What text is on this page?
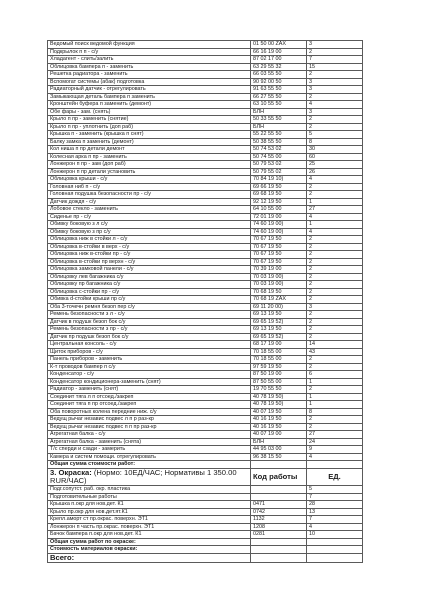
Ведомый поиск ведомой функция	01 50 00 ZAX	3
Подкрылок п п - с/у	66 16 19 00	2
Хладагент - слить/залить	87 02 17 00	7
Облицовка бампера п - заменить	63 29 55 32	15
Решетка радиатора - заменить	66 03 55 50	2
Вспомогат системы (абак) подготовка	90 92 00 50	3
Радиаторный датчик - отрегулировать	91 63 55 50	3
Замыкающая деталь бампера п заменить	66 27 55 50	2
Кронштейн буфера п заменить (демонт)	63 10 55 50	4
Обе фары - зам. (снять)	БЛН	3
Крыло п пр - заменить (снятие)	50 33 55 50	2
Крыло п пр - уплотнить (доп раб)	БЛН	2
Крышка п - заменить (крышка п снят)	55 22 55 50	5
Балку замка п заменить (демонт)	50 38 55 50	8
Кол ниша п пр детали демонт	50 74 53 02	30
Колесная арка п пр - заменить	50 74 55 00	60
Лонжерон п пр - зам (доп раб)	50 79 53 02	25
Лонжерон п пр детали установить	50 79 55 02	26
Облицовка крыши - с/у	70 84 19 10)	4
Головная ниб п - с/у	69 66 19 50	2
Головная подушка безопасности пр - с/у	69 68 19 50	2
Датчик дождя - с/у	92 12 19 50	1
Лобовое стекло - заменить	64 10 55 00	27
Сиденье пр - с/у	72 01 19 00	4
Обивку боковую з л с/у	74 60 19 00)	1
Обивку боковую з пр с/у	74 60 19 00)	4
Облицовка ниж в стойки л - с/у	70 67 19 50	2
Облицовка в-стойки в верх - с/у	70 67 19 50	2
Облицовка ниж в-стойки пр - с/у	70 67 19 50	2
Облицовка в-стойки пр верхн - с/у	70 67 19 50	2
Облицовка замковой панели - с/у	70 39 19 00	2
Облицовку лев багажника с/у	70 03 19 00)	2
Облицовку пр багажника с/у	70 03 19 00)	2
Облицовка с-стойки пр - с/у	70 68 19 50	2
Обивка d-стойки крыши пр с/у	70 68 19 ZAX	2
Оба 3-точечн ремня безоп пер с/у	69 11 20 00)	3
Ремень безопасности з л - с/у	69 13 19 50	2
Датчик в подушк безоп бок с/у	69 65 19 52)	2
Ремень безопасности з пр - с/у	69 13 19 50	2
Датчик пр подушк безоп бок с/у	69 65 19 52)	2
Центральная консоль - с/у	68 17 19 00	14
Щиток приборов - с/у	70 18 55 00	43
Панель приборов - заменить	70 18 55 00	2
К-т проводов бампер п с/у	97 59 19 50	2
Конденсатор - с/у	87 50 19 00	6
Конденсатор кондиционера-заменить (снят)	87 50 55 00	1
Радиатор - заменить (снят)	19 70 55 50	2
Соединит тяга л п отсоед./закреп	40 78 19 50)	1
Соединит тяга п пр отсоед./закреп	40 78 19 50)	1
Оба поворотных колена передние ниж. с/у	40 07 19 50	8
Ведущ рычаг независ подвес л п р раз-кр	40 16 19 50	2
Ведущ рычаг независ подвес п п пр раз-кр	40 16 19 50	2
Агрегатная балка - с/у	40 07 19 00	27
Агрегатная балка - заменить (снята)	БЛН	24
Т/с сперди и сзади - замерить	44 95 03 00	9
Камера и систем помощи. отрегулировать	96 38 15 50	4
Общая сумма стоимости работ:		
3. Окраска: (Нормо: 10ЕД/ЧАС; Нормативы 1 350.00 RUR/ЧАС)	Код работы	ЕД.
Подг.сопутст. раб. окр. пластика		5
Подготовительные работы		7
Крышка п.окр для нов.дет. К1	0471	28
Крыло пр.окр для нов.дет.ят.К1	0742	13
Крепл.аморт ст пр.окрас. поверхн. ЭТ1	1132	7
Лонжерон п часть пр.окрас. поверхн. ЭТ1	1208	4
Бачок бампера п.окр для нов.дет. К1	0281	10
Общая сумма работ по окраске:		
Стоимость материалов окраски:		
Всего:		
